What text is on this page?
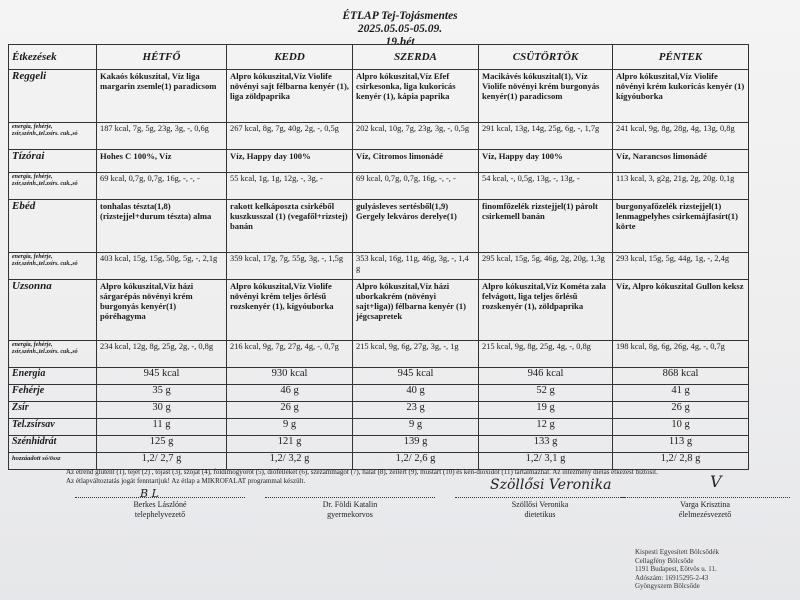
ÉTLAP Tej-Tojásmentes
2025.05.05-05.09.
19.hét
Étkezések	HÉTFŐ	KEDD	SZERDA	CSÜTÖRTÖK	PÉNTEK
Reggeli	Kakaós kókuszital, Víz liga margarin zsemle(1) paradicsom	Alpro kókuszital,Víz Violife növényi sajt félbarna kenyér (1), liga zöldpaprika	Alpro kókuszital,Víz Efef csirkesonka, liga kukoricás kenyér (1), kápia paprika	Macikávés kókuszital(1), Víz Violife növényi krém burgonyás kenyér(1) paradicsom	Alpro kókuszital,Víz Violife növényi krém kukoricás kenyér (1) kígyóuborka
energia, fehérje, zsír,szénh.,tel.zsírs. cuk.,só	187 kcal, 7g, 5g, 23g, 3g, -, 0,6g	267 kcal, 8g, 7g, 40g, 2g, -, 0,5g	202 kcal, 10g, 7g, 23g, 3g, -, 0,5g	291 kcal, 13g, 14g, 25g, 6g, -, 1,7g	241 kcal, 9g, 8g, 28g, 4g, 13g, 0,8g
Tízórai	Hohes C 100%, Víz	Víz, Happy day 100%	Víz, Citromos limonádé	Víz, Happy day 100%	Víz, Narancsos limonádé
energia, fehérje, zsír,szénh.,tel.zsírs. cuk.,só	69 kcal, 0,7g, 0,7g, 16g, -, -, -	55 kcal, 1g, 1g, 12g, -, 3g, -	69 kcal, 0,7g, 0,7g, 16g, -, -, -	54 kcal, -, 0,5g, 13g, -, 13g, -	113 kcal, 3, g2g, 21g, 2g, 20g. 0,1g
Ebéd	tonhalas tészta(1,8) (rizstejjel+durum tészta) alma	rakott kelkáposzta csirkéből kuszkusszal (1) (vegafől+rizstej) banán	gulyásleves sertésből(1,9) Gergely lekváros derelye(1)	finomfőzelék rizstejjel(1) párolt csirkemell banán	burgonyafőzelék rizstejjel(1) lenmagpelyhes csirkemájfasírt(1) körte
energia, fehérje, zsír,szénh.,tel.zsírs. cuk.,só	403 kcal, 15g, 15g, 50g, 5g, -, 2,1g	359 kcal, 17g, 7g, 55g, 3g, -, 1,5g	353 kcal, 16g, 11g, 46g, 3g, -, 1,4 g	295 kcal, 15g, 5g, 46g, 2g, 20g, 1,3g	293 kcal, 15g, 5g, 44g, 1g, -, 2,4g
Uzsonna	Alpro kókuszital,Víz házi sárgarépás növényi krém burgonyás kenyér(1) póréhagyma	Alpro kókuszital,Víz Violife növényi krém teljes őrlésű rozskenyér (1), kígyóuborka	Alpro kókuszital,Víz házi uborkakrém (növényi sajt+liga)) félbarna kenyér (1) jégcsapretek	Alpro kókuszital,Víz Kométa zala felvágott, liga teljes őrlésű rozskenyér (1), zöldpaprika	Víz, Alpro kókuszital Gullon keksz
energia, fehérje, zsír,szénh.,tel.zsírs. cuk.,só	234 kcal, 12g, 8g, 25g, 2g, -, 0,8g	216 kcal, 9g, 7g, 27g, 4g, -, 0,7g	215 kcal, 9g, 6g, 27g, 3g, -, 1g	215 kcal, 9g, 8g, 25g, 4g, -, 0,8g	198 kcal, 8g, 6g, 26g, 4g, -, 0,7g
Energia	945 kcal	930 kcal	945 kcal	946 kcal	868 kcal
Fehérje	35 g	46 g	40 g	52 g	41 g
Zsír	30 g	26 g	23 g	19 g	26 g
Tel.zsírsav	11 g	9 g	9 g	12 g	10 g
Szénhidrát	125 g	121 g	139 g	133 g	113 g
hozzáadott só/össz	1,2/ 2,7 g	1,2/ 3,2 g	1,2/ 2,6 g	1,2/ 3,1 g	1,2/ 2,8 g
Az étrend glutént (1), tejet (2) , tojást (3), szóját (4), földimogyorót (5), diófélléket (6), szezámmagot (7), halat (8), zellert (9), mustárt (10) és kén-dioxidot (11) tartalmazhat. Az intézmény diétás étkezést biztosít.
Az étlapváltoztatás jogát fenntartjuk! Az étlap a MIKROFALAT programmal készült.
B L
Szöllősi Veronika	V
Berkes Lászlóné
telephelyvezető
Dr. Földi Katalin
gyermekorvos
Szöllősi Veronika
dietetikus
Varga Krisztina
élelmezésvezető
Kispesti Egyesített Bölcsődék
Cellagfény Bölcsőde
1191 Budapest, Eötvös u. 11.
Adószám: 16915295-2-43
Gyöngyszem Bölcsőde
